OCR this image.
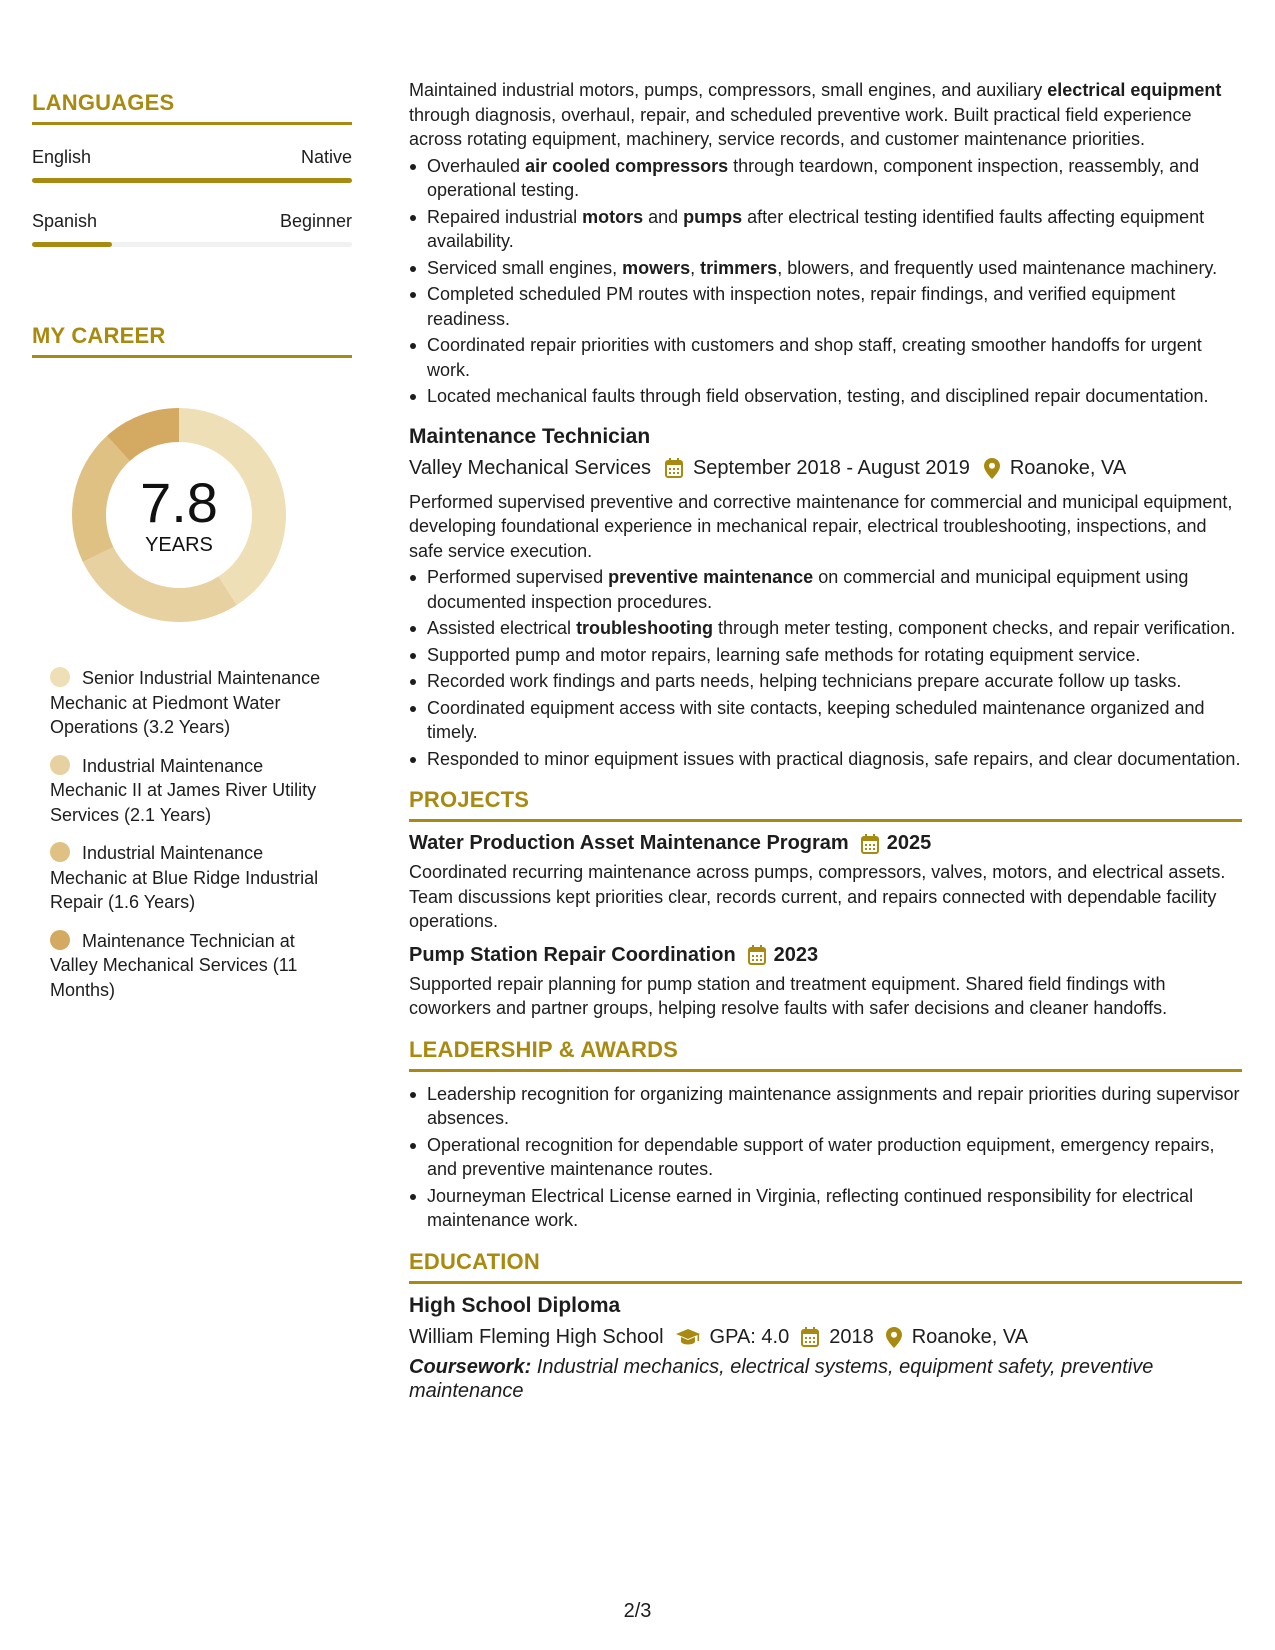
LANGUAGES
English	Native
Spanish	Beginner
MY CAREER
7.8
YEARS
Senior Industrial Maintenance Mechanic at Piedmont Water Operations (3.2 Years)
Industrial Maintenance Mechanic II at James River Utility Services (2.1 Years)
Industrial Maintenance Mechanic at Blue Ridge Industrial Repair (1.6 Years)
Maintenance Technician at Valley Mechanical Services (11 Months)
Maintained industrial motors, pumps, compressors, small engines, and auxiliary electrical equipment through diagnosis, overhaul, repair, and scheduled preventive work. Built practical field experience across rotating equipment, machinery, service records, and customer maintenance priorities.
Overhauled air cooled compressors through teardown, component inspection, reassembly, and operational testing.
Repaired industrial motors and pumps after electrical testing identified faults affecting equipment availability.
Serviced small engines, mowers, trimmers, blowers, and frequently used maintenance machinery.
Completed scheduled PM routes with inspection notes, repair findings, and verified equipment readiness.
Coordinated repair priorities with customers and shop staff, creating smoother handoffs for urgent work.
Located mechanical faults through field observation, testing, and disciplined repair documentation.
Maintenance Technician
Valley Mechanical Services September 2018 - August 2019 Roanoke, VA
Performed supervised preventive and corrective maintenance for commercial and municipal equipment, developing foundational experience in mechanical repair, electrical troubleshooting, inspections, and safe service execution.
Performed supervised preventive maintenance on commercial and municipal equipment using documented inspection procedures.
Assisted electrical troubleshooting through meter testing, component checks, and repair verification.
Supported pump and motor repairs, learning safe methods for rotating equipment service.
Recorded work findings and parts needs, helping technicians prepare accurate follow up tasks.
Coordinated equipment access with site contacts, keeping scheduled maintenance organized and timely.
Responded to minor equipment issues with practical diagnosis, safe repairs, and clear documentation.
PROJECTS
Water Production Asset Maintenance Program 2025
Coordinated recurring maintenance across pumps, compressors, valves, motors, and electrical assets. Team discussions kept priorities clear, records current, and repairs connected with dependable facility operations.
Pump Station Repair Coordination 2023
Supported repair planning for pump station and treatment equipment. Shared field findings with coworkers and partner groups, helping resolve faults with safer decisions and cleaner handoffs.
LEADERSHIP & AWARDS
Leadership recognition for organizing maintenance assignments and repair priorities during supervisor absences.
Operational recognition for dependable support of water production equipment, emergency repairs, and preventive maintenance routes.
Journeyman Electrical License earned in Virginia, reflecting continued responsibility for electrical maintenance work.
EDUCATION
High School Diploma
William Fleming High School GPA: 4.0 2018 Roanoke, VA
Coursework: Industrial mechanics, electrical systems, equipment safety, preventive maintenance
2/3
